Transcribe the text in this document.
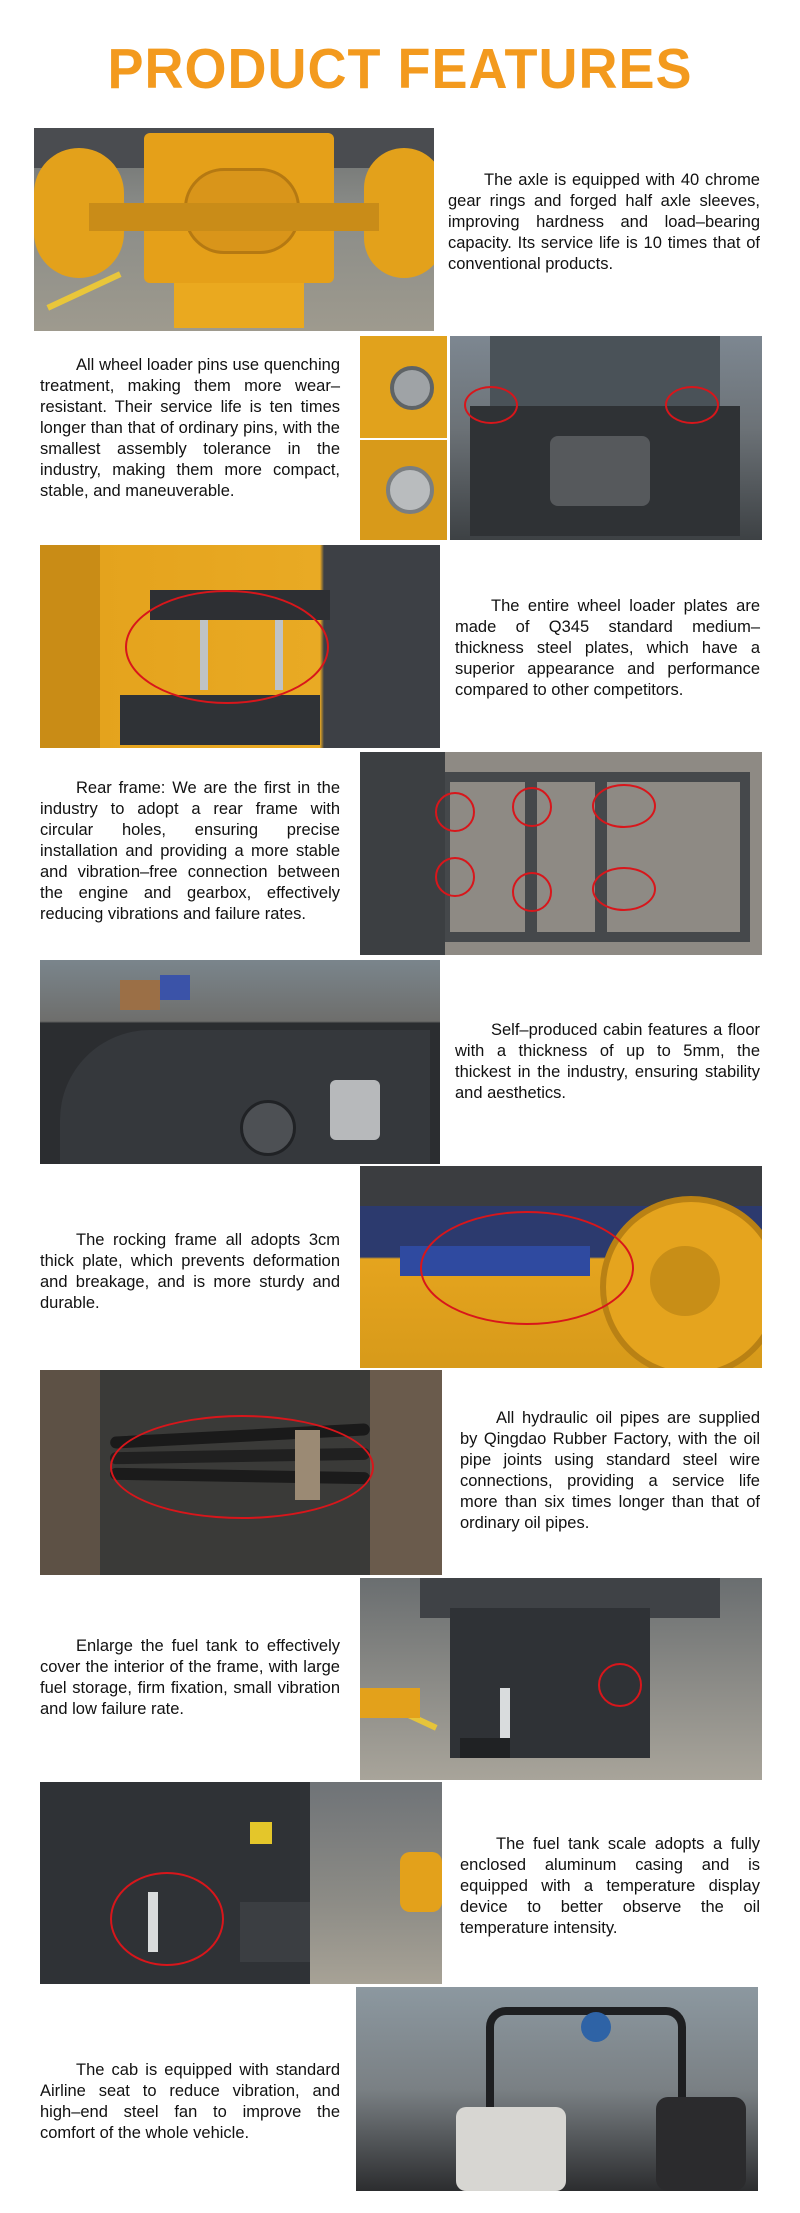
PRODUCT FEATURES
The axle is equipped with 40 chrome gear rings and forged half axle sleeves, improving hardness and load–bearing capacity. Its service life is 10 times that of conventional products.
All wheel loader pins use quenching treatment, making them more wear–resistant. Their service life is ten times longer than that of ordinary pins, with the smallest assembly tolerance in the industry, making them more compact, stable, and maneuverable.
The entire wheel loader plates are made of Q345 standard medium–thickness steel plates, which have a superior appearance and performance compared to other competitors.
Rear frame: We are the first in the industry to adopt a rear frame with circular holes, ensuring precise installation and providing a more stable and vibration–free connection between the engine and gearbox, effectively reducing vibrations and failure rates.
Self–produced cabin features a floor with a thickness of up to 5mm, the thickest in the industry, ensuring stability and aesthetics.
The rocking frame all adopts 3cm thick plate, which prevents deformation and breakage, and is more sturdy and durable.
All hydraulic oil pipes are supplied by Qingdao Rubber Factory, with the oil pipe joints using standard steel wire connections, providing a service life more than six times longer than that of ordinary oil pipes.
Enlarge the fuel tank to effectively cover the interior of the frame, with large fuel storage, firm fixation, small vibration and low failure rate.
The fuel tank scale adopts a fully enclosed aluminum casing and is equipped with a temperature display device to better observe the oil temperature intensity.
The cab is equipped with standard Airline seat to reduce vibration, and high–end steel fan to improve the comfort of the whole vehicle.
